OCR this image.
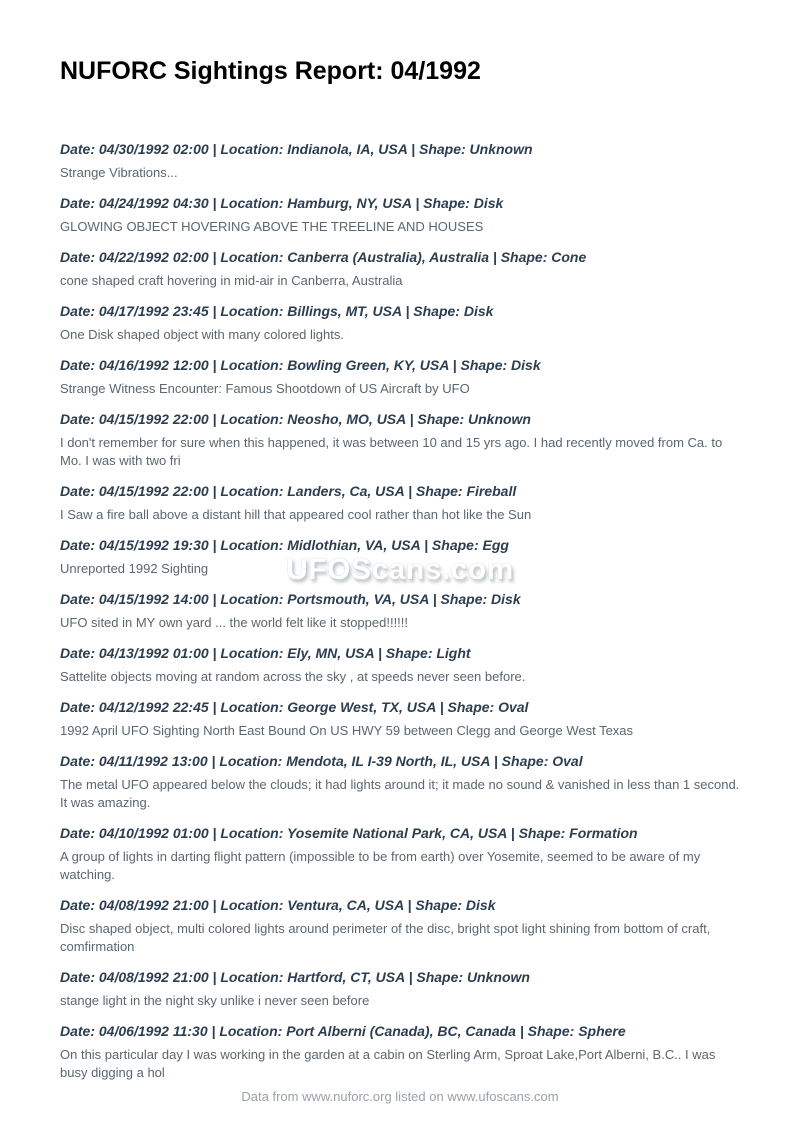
NUFORC Sightings Report: 04/1992
Date: 04/30/1992 02:00 | Location: Indianola, IA, USA | Shape: Unknown

Strange Vibrations...

Date: 04/24/1992 04:30 | Location: Hamburg, NY, USA | Shape: Disk

GLOWING OBJECT HOVERING ABOVE THE TREELINE AND HOUSES

Date: 04/22/1992 02:00 | Location: Canberra (Australia), Australia | Shape: Cone

cone shaped craft hovering in mid-air in Canberra, Australia

Date: 04/17/1992 23:45 | Location: Billings, MT, USA | Shape: Disk

One Disk shaped object with many colored lights.

Date: 04/16/1992 12:00 | Location: Bowling Green, KY, USA | Shape: Disk

Strange Witness Encounter: Famous Shootdown of US Aircraft by UFO

Date: 04/15/1992 22:00 | Location: Neosho, MO, USA | Shape: Unknown

I don't remember for sure when this happened, it was between 10 and 15 yrs ago. I had recently moved from Ca. to Mo. I was with two fri

Date: 04/15/1992 22:00 | Location: Landers, Ca, USA | Shape: Fireball

I Saw a fire ball above a distant hill that appeared cool rather than hot like the Sun

Date: 04/15/1992 19:30 | Location: Midlothian, VA, USA | Shape: Egg

Unreported 1992 Sighting

Date: 04/15/1992 14:00 | Location: Portsmouth, VA, USA | Shape: Disk

UFO sited in MY own yard ... the world felt like it stopped!!!!!!

Date: 04/13/1992 01:00 | Location: Ely, MN, USA | Shape: Light

Sattelite objects moving at random across the sky , at speeds never seen before.

Date: 04/12/1992 22:45 | Location: George West, TX, USA | Shape: Oval

1992 April UFO Sighting North East Bound On US HWY 59 between Clegg and George West Texas

Date: 04/11/1992 13:00 | Location: Mendota, IL I-39 North, IL, USA | Shape: Oval

The metal UFO appeared below the clouds; it had lights around it; it made no sound & vanished in less than 1 second. It was amazing.

Date: 04/10/1992 01:00 | Location: Yosemite National Park, CA, USA | Shape: Formation

A group of lights in darting flight pattern (impossible to be from earth) over Yosemite, seemed to be aware of my watching.

Date: 04/08/1992 21:00 | Location: Ventura, CA, USA | Shape: Disk

Disc shaped object, multi colored lights around perimeter of the disc, bright spot light shining from bottom of craft, comfirmation

Date: 04/08/1992 21:00 | Location: Hartford, CT, USA | Shape: Unknown

stange light in the night sky unlike i never seen before

Date: 04/06/1992 11:30 | Location: Port Alberni (Canada), BC, Canada | Shape: Sphere

On this particular day I was working in the garden at a cabin on Sterling Arm, Sproat Lake,Port Alberni, B.C.. I was busy digging a hol

UFOScans.com
Data from www.nuforc.org listed on www.ufoscans.com
